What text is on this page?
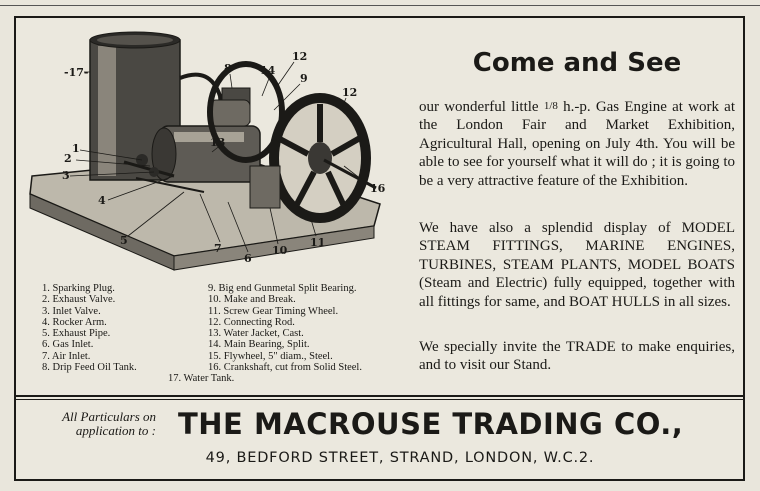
1
2
3
4
5
6
7
8
9
10
11
12
12
13
14
16
-17-
1. Sparking Plug.
2. Exhaust Valve.
3. Inlet Valve.
4. Rocker Arm.
5. Exhaust Pipe.
6. Gas Inlet.
7. Air Inlet.
8. Drip Feed Oil Tank.
9. Big end Gunmetal Split Bearing.
10. Make and Break.
11. Screw Gear Timing Wheel.
12. Connecting Rod.
13. Water Jacket, Cast.
14. Main Bearing, Split.
15. Flywheel, 5" diam., Steel.
16. Crankshaft, cut from Solid Steel.
17. Water Tank.
Come and See
our wonderful little 1/8 h.-p. Gas Engine at work at the London Fair and Market Exhibition, Agricultural Hall, opening on July 4th. You will be able to see for yourself what it will do ; it is going to be a very attractive feature of the Exhibition.
We have also a splendid display of MODEL STEAM FITTINGS, MARINE ENGINES, TURBINES, STEAM PLANTS, MODEL BOATS (Steam and Electric) fully equipped, together with all fittings for same, and BOAT HULLS in all sizes.
We specially invite the TRADE to make enquiries, and to visit our Stand.
All Particulars on
application to : THE MACROUSE TRADING CO.,
49, BEDFORD STREET, STRAND, LONDON, W.C.2.
